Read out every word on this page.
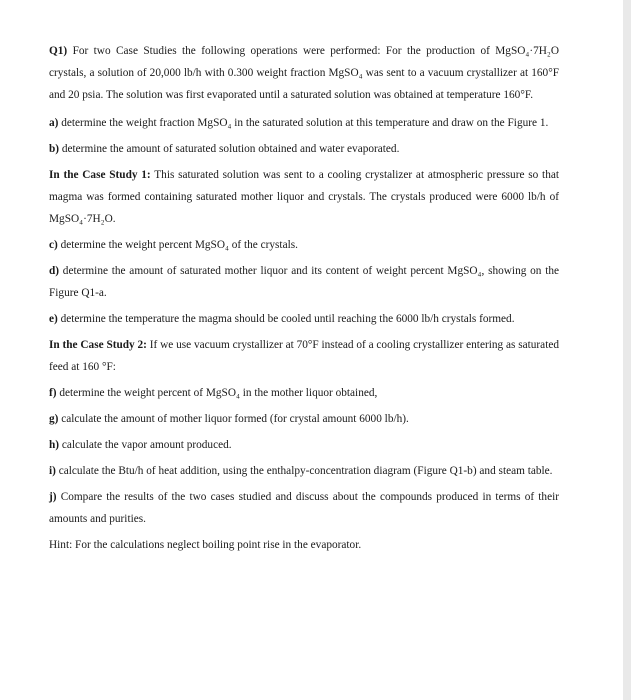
Q1) For two Case Studies the following operations were performed: For the production of MgSO₄·7H₂O crystals, a solution of 20,000 lb/h with 0.300 weight fraction MgSO₄ was sent to a vacuum crystallizer at 160°F and 20 psia. The solution was first evaporated until a saturated solution was obtained at temperature 160°F.

a) determine the weight fraction MgSO₄ in the saturated solution at this temperature and draw on the Figure 1.

b) determine the amount of saturated solution obtained and water evaporated.

In the Case Study 1: This saturated solution was sent to a cooling crystalizer at atmospheric pressure so that magma was formed containing saturated mother liquor and crystals. The crystals produced were 6000 lb/h of MgSO₄·7H₂O.

c) determine the weight percent MgSO₄ of the crystals.

d) determine the amount of saturated mother liquor and its content of weight percent MgSO₄, showing on the Figure Q1-a.

e) determine the temperature the magma should be cooled until reaching the 6000 lb/h crystals formed.

In the Case Study 2: If we use vacuum crystallizer at 70°F instead of a cooling crystallizer entering as saturated feed at 160 °F:

f) determine the weight percent of MgSO₄ in the mother liquor obtained,

g) calculate the amount of mother liquor formed (for crystal amount 6000 lb/h).

h) calculate the vapor amount produced.

i) calculate the Btu/h of heat addition, using the enthalpy-concentration diagram (Figure Q1-b) and steam table.

j) Compare the results of the two cases studied and discuss about the compounds produced in terms of their amounts and purities.

Hint: For the calculations neglect boiling point rise in the evaporator.
